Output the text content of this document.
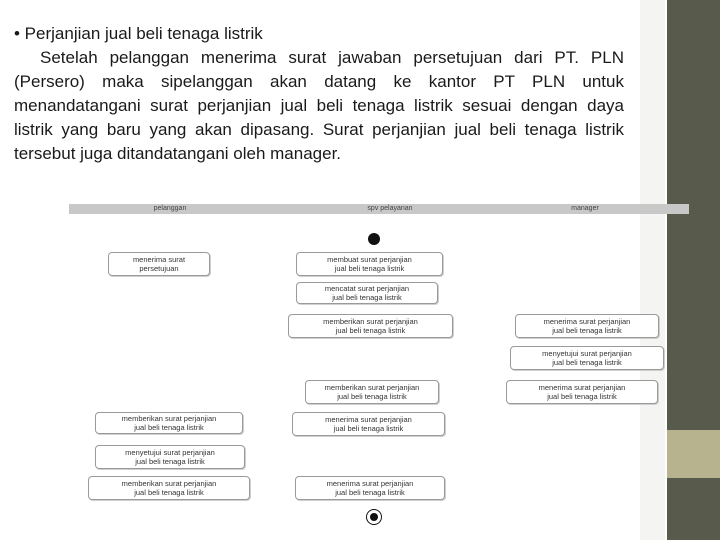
• Perjanjian jual beli tenaga listrik
Setelah pelanggan menerima surat jawaban persetujuan dari PT. PLN (Persero) maka sipelanggan akan datang ke kantor PT PLN untuk menandatangani surat perjanjian jual beli tenaga listrik sesuai dengan daya listrik yang baru yang akan dipasang. Surat perjanjian jual beli tenaga listrik tersebut juga ditandatangani oleh manager.
pelanggan	spv pelayanan	manager
menerima surat
persetujuan
membuat surat perjanjian
jual beli tenaga listrik
mencatat surat perjanjian
jual beli tenaga listrik
memberikan surat perjanjian
jual beli tenaga listrik
menerima surat perjanjian
jual beli tenaga listrik
menyetujui surat perjanjian
jual beli tenaga listrik
memberikan surat perjanjian
jual beli tenaga listrik
menerima surat perjanjian
jual beli tenaga listrik
memberikan surat perjanjian
jual beli tenaga listrik
menerima surat perjanjian
jual beli tenaga listrik
menyetujui surat perjanjian
jual beli tenaga listrik
memberikan surat perjanjian
jual beli tenaga listrik
menerima surat perjanjian
jual beli tenaga listrik
